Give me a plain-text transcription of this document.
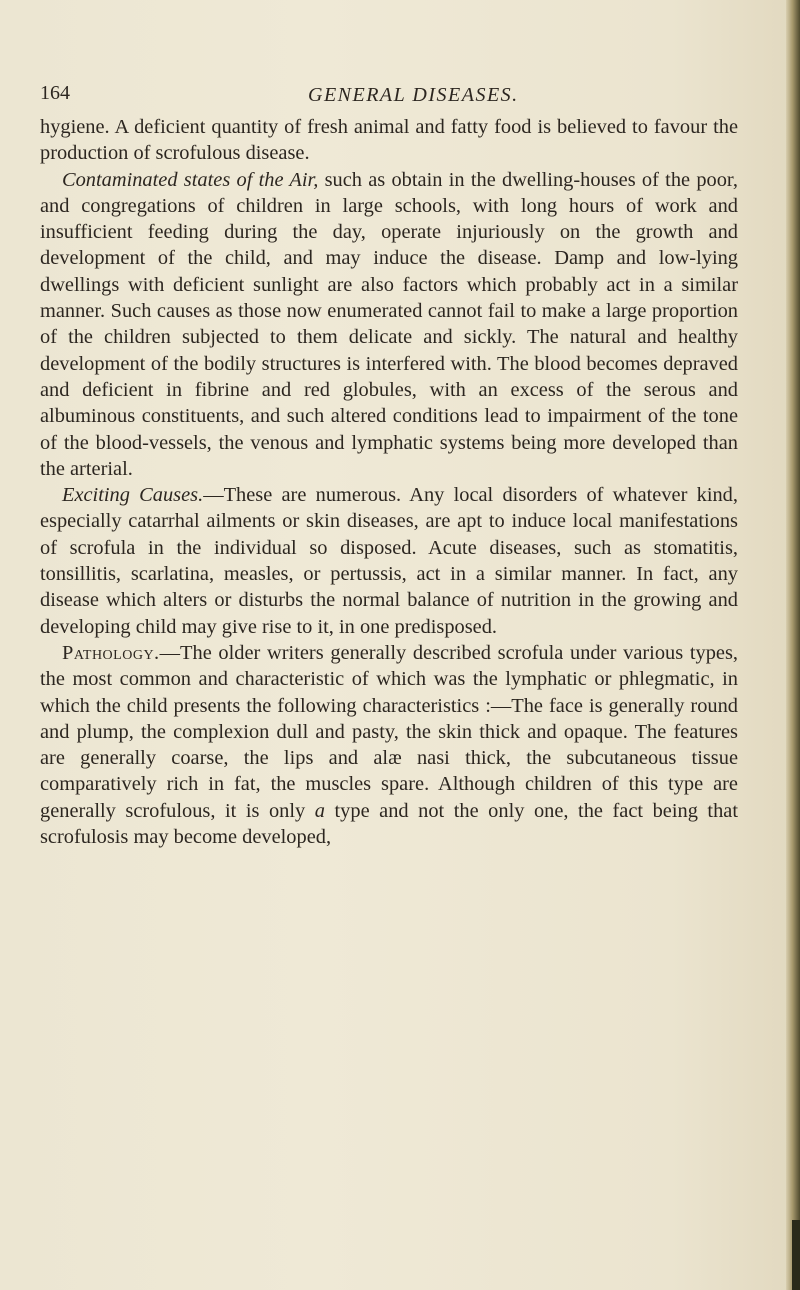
164	GENERAL DISEASES.

hygiene. A deficient quantity of fresh animal and fatty food is believed to favour the production of scrofulous disease.

Contaminated states of the Air, such as obtain in the dwelling-houses of the poor, and congregations of children in large schools, with long hours of work and insufficient feeding during the day, operate injuriously on the growth and development of the child, and may induce the disease. Damp and low-lying dwellings with deficient sunlight are also factors which probably act in a similar manner. Such causes as those now enumerated cannot fail to make a large proportion of the children subjected to them delicate and sickly. The natural and healthy development of the bodily structures is interfered with. The blood becomes depraved and deficient in fibrine and red globules, with an excess of the serous and albuminous constituents, and such altered conditions lead to impairment of the tone of the blood-vessels, the venous and lymphatic systems being more developed than the arterial.

Exciting Causes.—These are numerous. Any local disorders of whatever kind, especially catarrhal ailments or skin diseases, are apt to induce local manifestations of scrofula in the individual so disposed. Acute diseases, such as stomatitis, tonsillitis, scarlatina, measles, or pertussis, act in a similar manner. In fact, any disease which alters or disturbs the normal balance of nutrition in the growing and developing child may give rise to it, in one predisposed.

Pathology.—The older writers generally described scrofula under various types, the most common and characteristic of which was the lymphatic or phlegmatic, in which the child presents the following characteristics :—The face is generally round and plump, the complexion dull and pasty, the skin thick and opaque. The features are generally coarse, the lips and alæ nasi thick, the subcutaneous tissue comparatively rich in fat, the muscles spare. Although children of this type are generally scrofulous, it is only a type and not the only one, the fact being that scrofulosis may become developed,
